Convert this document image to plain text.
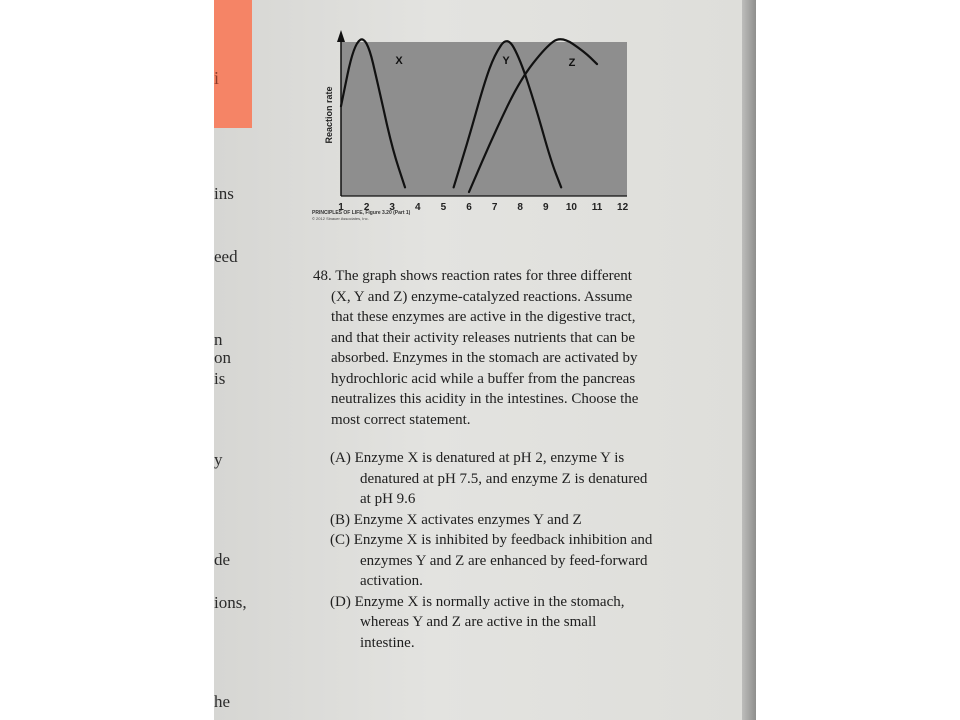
i
ins
eed
n
on
is
y
de
ions,
he
Reaction rate
1 2 3 4 5 6 7 8 9 10 11 12
X	Y	Z
PRINCIPLES OF LIFE, Figure 3.20 (Part 1)
© 2012 Sinauer Associates, Inc.
48. The graph shows reaction rates for three different (X, Y and Z) enzyme-catalyzed reactions. Assume that these enzymes are active in the digestive tract, and that their activity releases nutrients that can be absorbed. Enzymes in the stomach are activated by hydrochloric acid while a buffer from the pancreas neutralizes this acidity in the intestines. Choose the most correct statement.
(A) Enzyme X is denatured at pH 2, enzyme Y is denatured at pH 7.5, and enzyme Z is denatured at pH 9.6
(B) Enzyme X activates enzymes Y and Z
(C) Enzyme X is inhibited by feedback inhibition and enzymes Y and Z are enhanced by feed-forward activation.
(D) Enzyme X is normally active in the stomach, whereas Y and Z are active in the small intestine.
